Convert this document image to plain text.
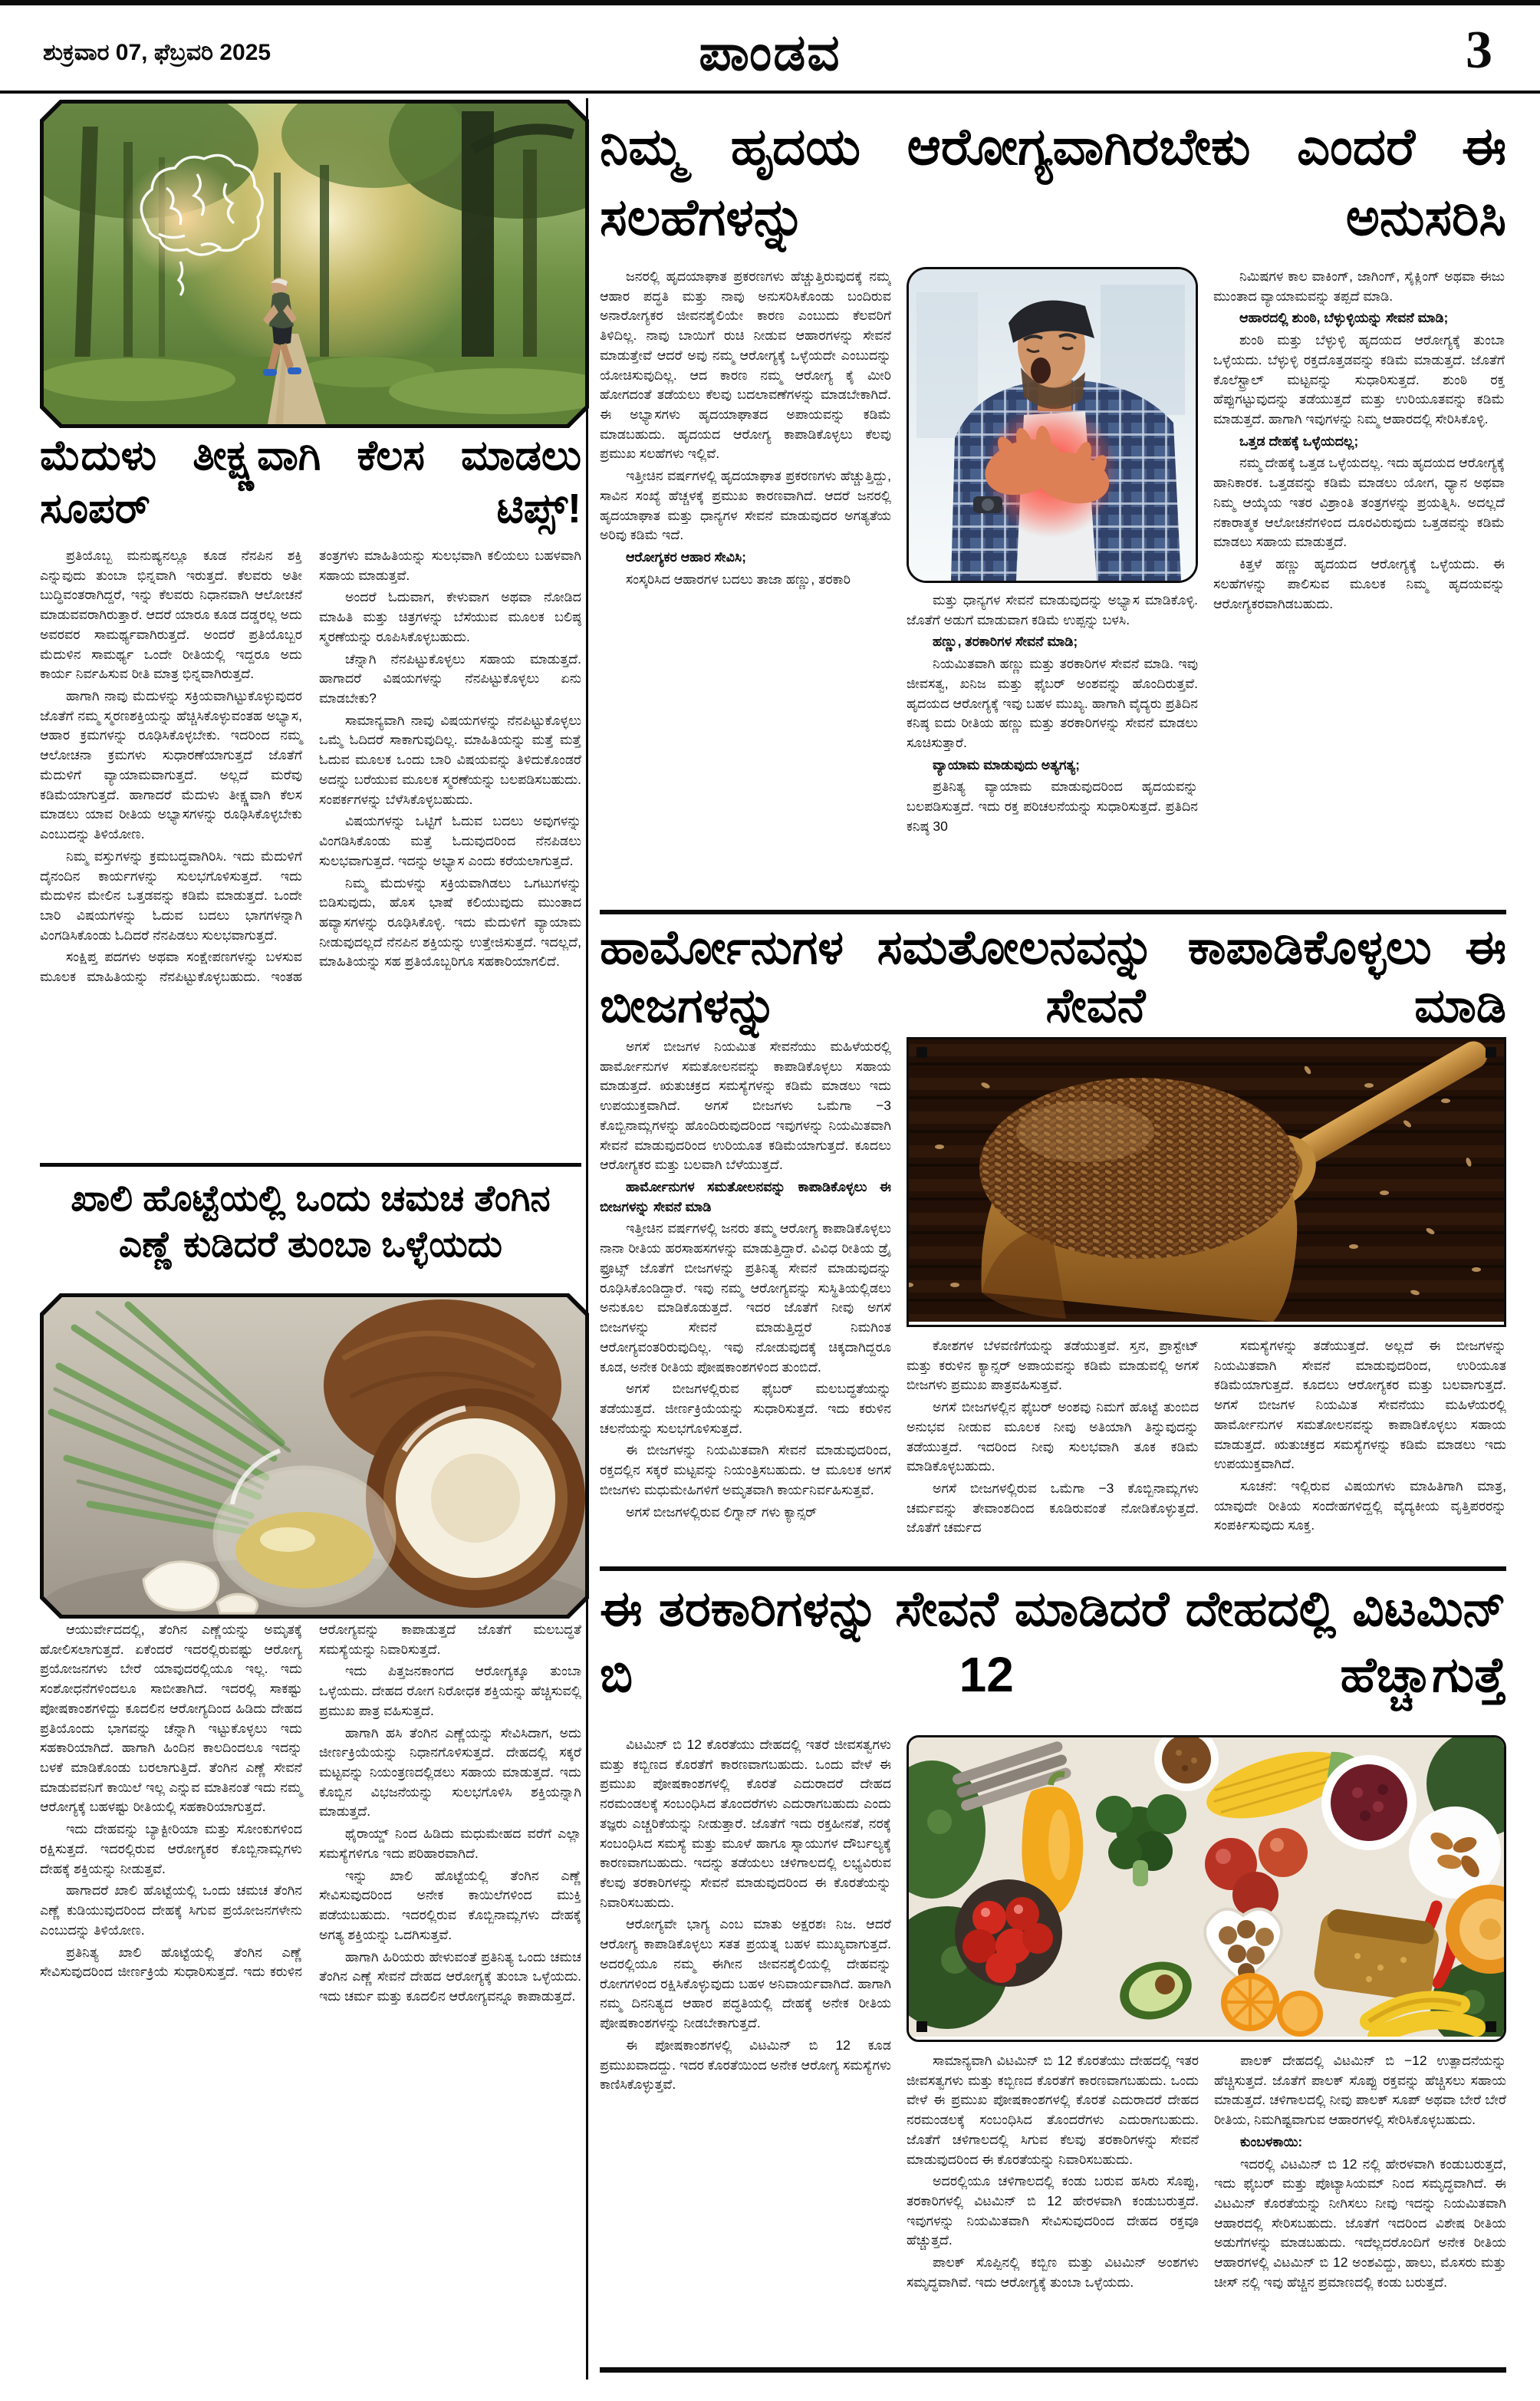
ಶುಕ್ರವಾರ 07, ಫೆಬ್ರವರಿ 2025	ಪಾಂಡವ	3
ಮೆದುಳು ತೀಕ್ಷ್ಣವಾಗಿ ಕೆಲಸ ಮಾಡಲು ಸೂಪರ್ ಟಿಪ್ಸ್!

ಪ್ರತಿಯೊಬ್ಬ ಮನುಷ್ಯನಲ್ಲೂ ಕೂಡ ನೆನಪಿನ ಶಕ್ತಿ ಎನ್ನುವುದು ತುಂಬಾ ಭಿನ್ನವಾಗಿ ಇರುತ್ತದೆ. ಕೆಲವರು ಅತೀ ಬುದ್ಧಿವಂತರಾಗಿದ್ದರೆ, ಇನ್ನು ಕೆಲವರು ನಿಧಾನವಾಗಿ ಆಲೋಚನೆ ಮಾಡುವವರಾಗಿರುತ್ತಾರೆ. ಆದರೆ ಯಾರೂ ಕೂಡ ದಡ್ಡರಲ್ಲ ಅದು ಅವರವರ ಸಾಮರ್ಥ್ಯವಾಗಿರುತ್ತದೆ. ಅಂದರೆ ಪ್ರತಿಯೊಬ್ಬರ ಮೆದುಳಿನ ಸಾಮರ್ಥ್ಯ ಒಂದೇ ರೀತಿಯಲ್ಲಿ ಇದ್ದರೂ ಅದು ಕಾರ್ಯ ನಿರ್ವಹಿಸುವ ರೀತಿ ಮಾತ್ರ ಭಿನ್ನವಾಗಿರುತ್ತದೆ.

ಹಾಗಾಗಿ ನಾವು ಮೆದುಳನ್ನು ಸಕ್ರಿಯವಾಗಿಟ್ಟುಕೊಳ್ಳುವುದರ ಜೊತೆಗೆ ನಮ್ಮ ಸ್ಮರಣಶಕ್ತಿಯನ್ನು ಹೆಚ್ಚಿಸಿಕೊಳ್ಳುವಂತಹ ಅಭ್ಯಾಸ, ಆಹಾರ ಕ್ರಮಗಳನ್ನು ರೂಢಿಸಿಕೊಳ್ಳಬೇಕು. ಇದರಿಂದ ನಮ್ಮ ಆಲೋಚನಾ ಕ್ರಮಗಳು ಸುಧಾರಣೆಯಾಗುತ್ತದೆ ಜೊತೆಗೆ ಮೆದುಳಿಗೆ ವ್ಯಾಯಾಮವಾಗುತ್ತದೆ. ಅಲ್ಲದೆ ಮರೆವು ಕಡಿಮೆಯಾಗುತ್ತದೆ. ಹಾಗಾದರೆ ಮೆದುಳು ತೀಕ್ಷ್ಣವಾಗಿ ಕೆಲಸ ಮಾಡಲು ಯಾವ ರೀತಿಯ ಅಭ್ಯಾಸಗಳನ್ನು ರೂಢಿಸಿಕೊಳ್ಳಬೇಕು ಎಂಬುದನ್ನು ತಿಳಿಯೋಣ.

ನಿಮ್ಮ ವಸ್ತುಗಳನ್ನು ಕ್ರಮಬದ್ಧವಾಗಿರಿಸಿ. ಇದು ಮೆದುಳಿಗೆ ದೈನಂದಿನ ಕಾರ್ಯಗಳನ್ನು ಸುಲಭಗೊಳಿಸುತ್ತದೆ. ಇದು ಮೆದುಳಿನ ಮೇಲಿನ ಒತ್ತಡವನ್ನು ಕಡಿಮೆ ಮಾಡುತ್ತದೆ. ಒಂದೇ ಬಾರಿ ವಿಷಯಗಳನ್ನು ಓದುವ ಬದಲು ಭಾಗಗಳನ್ನಾಗಿ ವಿಂಗಡಿಸಿಕೊಂಡು ಓದಿದರೆ ನೆನಪಿಡಲು ಸುಲಭವಾಗುತ್ತದೆ.

ಸಂಕ್ಷಿಪ್ತ ಪದಗಳು ಅಥವಾ ಸಂಕ್ಷೇಪಣಗಳನ್ನು ಬಳಸುವ ಮೂಲಕ ಮಾಹಿತಿಯನ್ನು ನೆನಪಿಟ್ಟುಕೊಳ್ಳಬಹುದು. ಇಂತಹ ತಂತ್ರಗಳು ಮಾಹಿತಿಯನ್ನು ಸುಲಭವಾಗಿ ಕಲಿಯಲು ಬಹಳವಾಗಿ ಸಹಾಯ ಮಾಡುತ್ತವೆ.

ಅಂದರೆ ಓದುವಾಗ, ಕೇಳುವಾಗ ಅಥವಾ ನೋಡಿದ ಮಾಹಿತಿ ಮತ್ತು ಚಿತ್ರಗಳನ್ನು ಬೆಸೆಯುವ ಮೂಲಕ ಬಲಿಷ್ಠ ಸ್ಮರಣೆಯನ್ನು ರೂಪಿಸಿಕೊಳ್ಳಬಹುದು.

ಚೆನ್ನಾಗಿ ನೆನಪಿಟ್ಟುಕೊಳ್ಳಲು ಸಹಾಯ ಮಾಡುತ್ತದೆ. ಹಾಗಾದರೆ ವಿಷಯಗಳನ್ನು ನೆನಪಿಟ್ಟುಕೊಳ್ಳಲು ಏನು ಮಾಡಬೇಕು?

ಸಾಮಾನ್ಯವಾಗಿ ನಾವು ವಿಷಯಗಳನ್ನು ನೆನಪಿಟ್ಟುಕೊಳ್ಳಲು ಒಮ್ಮೆ ಓದಿದರೆ ಸಾಕಾಗುವುದಿಲ್ಲ. ಮಾಹಿತಿಯನ್ನು ಮತ್ತೆ ಮತ್ತೆ ಓದುವ ಮೂಲಕ ಒಂದು ಬಾರಿ ವಿಷಯವನ್ನು ತಿಳಿದುಕೊಂಡರೆ ಅದನ್ನು ಬರೆಯುವ ಮೂಲಕ ಸ್ಮರಣೆಯನ್ನು ಬಲಪಡಿಸಬಹುದು. ಸಂಪರ್ಕಗಳನ್ನು ಬೆಳೆಸಿಕೊಳ್ಳಬಹುದು.

ವಿಷಯಗಳನ್ನು ಒಟ್ಟಿಗೆ ಓದುವ ಬದಲು ಅವುಗಳನ್ನು ವಿಂಗಡಿಸಿಕೊಂಡು ಮತ್ತೆ ಓದುವುದರಿಂದ ನೆನಪಿಡಲು ಸುಲಭವಾಗುತ್ತದೆ. ಇದನ್ನು ಅಭ್ಯಾಸ ಎಂದು ಕರೆಯಲಾಗುತ್ತದೆ.

ನಿಮ್ಮ ಮೆದುಳನ್ನು ಸಕ್ರಿಯವಾಗಿಡಲು ಒಗಟುಗಳನ್ನು ಬಿಡಿಸುವುದು, ಹೊಸ ಭಾಷೆ ಕಲಿಯುವುದು ಮುಂತಾದ ಹವ್ಯಾಸಗಳನ್ನು ರೂಢಿಸಿಕೊಳ್ಳಿ. ಇದು ಮೆದುಳಿಗೆ ವ್ಯಾಯಾಮ ನೀಡುವುದಲ್ಲದೆ ನೆನಪಿನ ಶಕ್ತಿಯನ್ನು ಉತ್ತೇಜಿಸುತ್ತದೆ. ಇದಲ್ಲದೆ, ಮಾಹಿತಿಯನ್ನು ಸಹ ಪ್ರತಿಯೊಬ್ಬರಿಗೂ ಸಹಕಾರಿಯಾಗಲಿದೆ.

ಖಾಲಿ ಹೊಟ್ಟೆಯಲ್ಲಿ ಒಂದು ಚಮಚ ತೆಂಗಿನ ಎಣ್ಣೆ ಕುಡಿದರೆ ತುಂಬಾ ಒಳ್ಳೆಯದು

ಆಯುರ್ವೇದದಲ್ಲಿ, ತೆಂಗಿನ ಎಣ್ಣೆಯನ್ನು ಅಮೃತಕ್ಕೆ ಹೋಲಿಸಲಾಗುತ್ತದೆ. ಏಕೆಂದರೆ ಇದರಲ್ಲಿರುವಷ್ಟು ಆರೋಗ್ಯ ಪ್ರಯೋಜನಗಳು ಬೇರೆ ಯಾವುದರಲ್ಲಿಯೂ ಇಲ್ಲ. ಇದು ಸಂಶೋಧನೆಗಳಿಂದಲೂ ಸಾಬೀತಾಗಿದೆ. ಇದರಲ್ಲಿ ಸಾಕಷ್ಟು ಪೋಷಕಾಂಶಗಳಿದ್ದು ಕೂದಲಿನ ಆರೋಗ್ಯದಿಂದ ಹಿಡಿದು ದೇಹದ ಪ್ರತಿಯೊಂದು ಭಾಗವನ್ನು ಚೆನ್ನಾಗಿ ಇಟ್ಟುಕೊಳ್ಳಲು ಇದು ಸಹಕಾರಿಯಾಗಿದೆ. ಹಾಗಾಗಿ ಹಿಂದಿನ ಕಾಲದಿಂದಲೂ ಇದನ್ನು ಬಳಕೆ ಮಾಡಿಕೊಂಡು ಬರಲಾಗುತ್ತಿದೆ. ತೆಂಗಿನ ಎಣ್ಣೆ ಸೇವನೆ ಮಾಡುವವನಿಗೆ ಕಾಯಿಲೆ ಇಲ್ಲ ಎನ್ನುವ ಮಾತಿನಂತೆ ಇದು ನಮ್ಮ ಆರೋಗ್ಯಕ್ಕೆ ಬಹಳಷ್ಟು ರೀತಿಯಲ್ಲಿ ಸಹಕಾರಿಯಾಗುತ್ತದೆ.

ಇದು ದೇಹವನ್ನು ಬ್ಯಾಕ್ಟೀರಿಯಾ ಮತ್ತು ಸೋಂಕುಗಳಿಂದ ರಕ್ಷಿಸುತ್ತದೆ. ಇದರಲ್ಲಿರುವ ಆರೋಗ್ಯಕರ ಕೊಬ್ಬಿನಾಮ್ಲಗಳು ದೇಹಕ್ಕೆ ಶಕ್ತಿಯನ್ನು ನೀಡುತ್ತವೆ.

ಹಾಗಾದರೆ ಖಾಲಿ ಹೊಟ್ಟೆಯಲ್ಲಿ ಒಂದು ಚಮಚ ತೆಂಗಿನ ಎಣ್ಣೆ ಕುಡಿಯುವುದರಿಂದ ದೇಹಕ್ಕೆ ಸಿಗುವ ಪ್ರಯೋಜನಗಳೇನು ಎಂಬುದನ್ನು ತಿಳಿಯೋಣ.

ಪ್ರತಿನಿತ್ಯ ಖಾಲಿ ಹೊಟ್ಟೆಯಲ್ಲಿ ತೆಂಗಿನ ಎಣ್ಣೆ ಸೇವಿಸುವುದರಿಂದ ಜೀರ್ಣಕ್ರಿಯೆ ಸುಧಾರಿಸುತ್ತದೆ. ಇದು ಕರುಳಿನ ಆರೋಗ್ಯವನ್ನು ಕಾಪಾಡುತ್ತದೆ ಜೊತೆಗೆ ಮಲಬದ್ಧತೆ ಸಮಸ್ಯೆಯನ್ನು ನಿವಾರಿಸುತ್ತದೆ.

ಇದು ಪಿತ್ತಜನಕಾಂಗದ ಆರೋಗ್ಯಕ್ಕೂ ತುಂಬಾ ಒಳ್ಳೆಯದು. ದೇಹದ ರೋಗ ನಿರೋಧಕ ಶಕ್ತಿಯನ್ನು ಹೆಚ್ಚಿಸುವಲ್ಲಿ ಪ್ರಮುಖ ಪಾತ್ರ ವಹಿಸುತ್ತದೆ.

ಹಾಗಾಗಿ ಹಸಿ ತೆಂಗಿನ ಎಣ್ಣೆಯನ್ನು ಸೇವಿಸಿದಾಗ, ಅದು ಜೀರ್ಣಕ್ರಿಯೆಯನ್ನು ನಿಧಾನಗೊಳಿಸುತ್ತದೆ. ದೇಹದಲ್ಲಿ ಸಕ್ಕರೆ ಮಟ್ಟವನ್ನು ನಿಯಂತ್ರಣದಲ್ಲಿಡಲು ಸಹಾಯ ಮಾಡುತ್ತದೆ. ಇದು ಕೊಬ್ಬಿನ ವಿಭಜನೆಯನ್ನು ಸುಲಭಗೊಳಿಸಿ ಶಕ್ತಿಯನ್ನಾಗಿ ಮಾಡುತ್ತದೆ.

ಥೈರಾಯ್ಡ್ ನಿಂದ ಹಿಡಿದು ಮಧುಮೇಹದ ವರೆಗೆ ಎಲ್ಲಾ ಸಮಸ್ಯೆಗಳಿಗೂ ಇದು ಪರಿಹಾರವಾಗಿದೆ.

ಇನ್ನು ಖಾಲಿ ಹೊಟ್ಟೆಯಲ್ಲಿ ತೆಂಗಿನ ಎಣ್ಣೆ ಸೇವಿಸುವುದರಿಂದ ಅನೇಕ ಕಾಯಿಲೆಗಳಿಂದ ಮುಕ್ತಿ ಪಡೆಯಬಹುದು. ಇದರಲ್ಲಿರುವ ಕೊಬ್ಬಿನಾಮ್ಲಗಳು ದೇಹಕ್ಕೆ ಅಗತ್ಯ ಶಕ್ತಿಯನ್ನು ಒದಗಿಸುತ್ತವೆ.

ಹಾಗಾಗಿ ಹಿರಿಯರು ಹೇಳುವಂತೆ ಪ್ರತಿನಿತ್ಯ ಒಂದು ಚಮಚ ತೆಂಗಿನ ಎಣ್ಣೆ ಸೇವನೆ ದೇಹದ ಆರೋಗ್ಯಕ್ಕೆ ತುಂಬಾ ಒಳ್ಳೆಯದು. ಇದು ಚರ್ಮ ಮತ್ತು ಕೂದಲಿನ ಆರೋಗ್ಯವನ್ನೂ ಕಾಪಾಡುತ್ತದೆ.

ನಿಮ್ಮ ಹೃದಯ ಆರೋಗ್ಯವಾಗಿರಬೇಕು ಎಂದರೆ ಈ ಸಲಹೆಗಳನ್ನು ಅನುಸರಿಸಿ

ಜನರಲ್ಲಿ ಹೃದಯಾಘಾತ ಪ್ರಕರಣಗಳು ಹೆಚ್ಚುತ್ತಿರುವುದಕ್ಕೆ ನಮ್ಮ ಆಹಾರ ಪದ್ಧತಿ ಮತ್ತು ನಾವು ಅನುಸರಿಸಿಕೊಂಡು ಬಂದಿರುವ ಅನಾರೋಗ್ಯಕರ ಜೀವನಶೈಲಿಯೇ ಕಾರಣ ಎಂಬುದು ಕೆಲವರಿಗೆ ತಿಳಿದಿಲ್ಲ. ನಾವು ಬಾಯಿಗೆ ರುಚಿ ನೀಡುವ ಆಹಾರಗಳನ್ನು ಸೇವನೆ ಮಾಡುತ್ತೇವೆ ಆದರೆ ಅವು ನಮ್ಮ ಆರೋಗ್ಯಕ್ಕೆ ಒಳ್ಳೆಯದೇ ಎಂಬುದನ್ನು ಯೋಚಿಸುವುದಿಲ್ಲ. ಆದ ಕಾರಣ ನಮ್ಮ ಆರೋಗ್ಯ ಕೈ ಮೀರಿ ಹೋಗದಂತೆ ತಡೆಯಲು ಕೆಲವು ಬದಲಾವಣೆಗಳನ್ನು ಮಾಡಬೇಕಾಗಿದೆ. ಈ ಅಭ್ಯಾಸಗಳು ಹೃದಯಾಘಾತದ ಅಪಾಯವನ್ನು ಕಡಿಮೆ ಮಾಡಬಹುದು. ಹೃದಯದ ಆರೋಗ್ಯ ಕಾಪಾಡಿಕೊಳ್ಳಲು ಕೆಲವು ಪ್ರಮುಖ ಸಲಹೆಗಳು ಇಲ್ಲಿವೆ.

ಇತ್ತೀಚಿನ ವರ್ಷಗಳಲ್ಲಿ ಹೃದಯಾಘಾತ ಪ್ರಕರಣಗಳು ಹೆಚ್ಚುತ್ತಿದ್ದು, ಸಾವಿನ ಸಂಖ್ಯೆ ಹೆಚ್ಚಳಕ್ಕೆ ಪ್ರಮುಖ ಕಾರಣವಾಗಿದೆ. ಆದರೆ ಜನರಲ್ಲಿ ಹೃದಯಾಘಾತ ಮತ್ತು ಧಾನ್ಯಗಳ ಸೇವನೆ ಮಾಡುವುದರ ಅಗತ್ಯತೆಯ ಅರಿವು ಕಡಿಮೆ ಇದೆ.

ಆರೋಗ್ಯಕರ ಆಹಾರ ಸೇವಿಸಿ;

ಸಂಸ್ಕರಿಸಿದ ಆಹಾರಗಳ ಬದಲು ತಾಜಾ ಹಣ್ಣು, ತರಕಾರಿ

ಮತ್ತು ಧಾನ್ಯಗಳ ಸೇವನೆ ಮಾಡುವುದನ್ನು ಅಭ್ಯಾಸ ಮಾಡಿಕೊಳ್ಳಿ. ಜೊತೆಗೆ ಅಡುಗೆ ಮಾಡುವಾಗ ಕಡಿಮೆ ಉಪ್ಪನ್ನು ಬಳಸಿ.

ಹಣ್ಣು, ತರಕಾರಿಗಳ ಸೇವನೆ ಮಾಡಿ;

ನಿಯಮಿತವಾಗಿ ಹಣ್ಣು ಮತ್ತು ತರಕಾರಿಗಳ ಸೇವನೆ ಮಾಡಿ. ಇವು ಜೀವಸತ್ವ, ಖನಿಜ ಮತ್ತು ಫೈಬರ್ ಅಂಶವನ್ನು ಹೊಂದಿರುತ್ತವೆ. ಹೃದಯದ ಆರೋಗ್ಯಕ್ಕೆ ಇವು ಬಹಳ ಮುಖ್ಯ. ಹಾಗಾಗಿ ವೈದ್ಯರು ಪ್ರತಿದಿನ ಕನಿಷ್ಠ ಐದು ರೀತಿಯ ಹಣ್ಣು ಮತ್ತು ತರಕಾರಿಗಳನ್ನು ಸೇವನೆ ಮಾಡಲು ಸೂಚಿಸುತ್ತಾರೆ.

ವ್ಯಾಯಾಮ ಮಾಡುವುದು ಅತ್ಯಗತ್ಯ;

ಪ್ರತಿನಿತ್ಯ ವ್ಯಾಯಾಮ ಮಾಡುವುದರಿಂದ ಹೃದಯವನ್ನು ಬಲಪಡಿಸುತ್ತದೆ. ಇದು ರಕ್ತ ಪರಿಚಲನೆಯನ್ನು ಸುಧಾರಿಸುತ್ತದೆ. ಪ್ರತಿದಿನ ಕನಿಷ್ಠ 30

ನಿಮಿಷಗಳ ಕಾಲ ವಾಕಿಂಗ್, ಜಾಗಿಂಗ್, ಸೈಕ್ಲಿಂಗ್ ಅಥವಾ ಈಜು ಮುಂತಾದ ವ್ಯಾಯಾಮವನ್ನು ತಪ್ಪದೆ ಮಾಡಿ.

ಆಹಾರದಲ್ಲಿ ಶುಂಠಿ, ಬೆಳ್ಳುಳ್ಳಿಯನ್ನು ಸೇವನೆ ಮಾಡಿ;

ಶುಂಠಿ ಮತ್ತು ಬೆಳ್ಳುಳ್ಳಿ ಹೃದಯದ ಆರೋಗ್ಯಕ್ಕೆ ತುಂಬಾ ಒಳ್ಳೆಯದು. ಬೆಳ್ಳುಳ್ಳಿ ರಕ್ತದೊತ್ತಡವನ್ನು ಕಡಿಮೆ ಮಾಡುತ್ತದೆ. ಜೊತೆಗೆ ಕೊಲೆಸ್ಟ್ರಾಲ್ ಮಟ್ಟವನ್ನು ಸುಧಾರಿಸುತ್ತದೆ. ಶುಂಠಿ ರಕ್ತ ಹೆಪ್ಪುಗಟ್ಟುವುದನ್ನು ತಡೆಯುತ್ತದೆ ಮತ್ತು ಉರಿಯೂತವನ್ನು ಕಡಿಮೆ ಮಾಡುತ್ತದೆ. ಹಾಗಾಗಿ ಇವುಗಳನ್ನು ನಿಮ್ಮ ಆಹಾರದಲ್ಲಿ ಸೇರಿಸಿಕೊಳ್ಳಿ.

ಒತ್ತಡ ದೇಹಕ್ಕೆ ಒಳ್ಳೆಯದಲ್ಲ;

ನಮ್ಮ ದೇಹಕ್ಕೆ ಒತ್ತಡ ಒಳ್ಳೆಯದಲ್ಲ. ಇದು ಹೃದಯದ ಆರೋಗ್ಯಕ್ಕೆ ಹಾನಿಕಾರಕ. ಒತ್ತಡವನ್ನು ಕಡಿಮೆ ಮಾಡಲು ಯೋಗ, ಧ್ಯಾನ ಅಥವಾ ನಿಮ್ಮ ಆಯ್ಕೆಯ ಇತರ ವಿಶ್ರಾಂತಿ ತಂತ್ರಗಳನ್ನು ಪ್ರಯತ್ನಿಸಿ. ಅದಲ್ಲದೆ ನಕಾರಾತ್ಮಕ ಆಲೋಚನೆಗಳಿಂದ ದೂರವಿರುವುದು ಒತ್ತಡವನ್ನು ಕಡಿಮೆ ಮಾಡಲು ಸಹಾಯ ಮಾಡುತ್ತದೆ.

ಕಿತ್ತಳೆ ಹಣ್ಣು ಹೃದಯದ ಆರೋಗ್ಯಕ್ಕೆ ಒಳ್ಳೆಯದು. ಈ ಸಲಹೆಗಳನ್ನು ಪಾಲಿಸುವ ಮೂಲಕ ನಿಮ್ಮ ಹೃದಯವನ್ನು ಆರೋಗ್ಯಕರವಾಗಿಡಬಹುದು.

ಹಾರ್ಮೋನುಗಳ ಸಮತೋಲನವನ್ನು ಕಾಪಾಡಿಕೊಳ್ಳಲು ಈ ಬೀಜಗಳನ್ನು ಸೇವನೆ ಮಾಡಿ

ಅಗಸೆ ಬೀಜಗಳ ನಿಯಮಿತ ಸೇವನೆಯು ಮಹಿಳೆಯರಲ್ಲಿ ಹಾರ್ಮೋನುಗಳ ಸಮತೋಲನವನ್ನು ಕಾಪಾಡಿಕೊಳ್ಳಲು ಸಹಾಯ ಮಾಡುತ್ತದೆ. ಋತುಚಕ್ರದ ಸಮಸ್ಯೆಗಳನ್ನು ಕಡಿಮೆ ಮಾಡಲು ಇದು ಉಪಯುಕ್ತವಾಗಿದೆ. ಅಗಸೆ ಬೀಜಗಳು ಒಮೆಗಾ −3 ಕೊಬ್ಬಿನಾಮ್ಲಗಳನ್ನು ಹೊಂದಿರುವುದರಿಂದ ಇವುಗಳನ್ನು ನಿಯಮಿತವಾಗಿ ಸೇವನೆ ಮಾಡುವುದರಿಂದ ಉರಿಯೂತ ಕಡಿಮೆಯಾಗುತ್ತದೆ. ಕೂದಲು ಆರೋಗ್ಯಕರ ಮತ್ತು ಬಲವಾಗಿ ಬೆಳೆಯುತ್ತದೆ.

ಹಾರ್ಮೋನುಗಳ ಸಮತೋಲನವನ್ನು ಕಾಪಾಡಿಕೊಳ್ಳಲು ಈ ಬೀಜಗಳನ್ನು ಸೇವನೆ ಮಾಡಿ

ಇತ್ತೀಚಿನ ವರ್ಷಗಳಲ್ಲಿ ಜನರು ತಮ್ಮ ಆರೋಗ್ಯ ಕಾಪಾಡಿಕೊಳ್ಳಲು ನಾನಾ ರೀತಿಯ ಹರಸಾಹಸಗಳನ್ನು ಮಾಡುತ್ತಿದ್ದಾರೆ. ವಿವಿಧ ರೀತಿಯ ಡ್ರೈ ಫ್ರೂಟ್ಸ್ ಜೊತೆಗೆ ಬೀಜಗಳನ್ನು ಪ್ರತಿನಿತ್ಯ ಸೇವನೆ ಮಾಡುವುದನ್ನು ರೂಢಿಸಿಕೊಂಡಿದ್ದಾರೆ. ಇವು ನಮ್ಮ ಆರೋಗ್ಯವನ್ನು ಸುಸ್ಥಿತಿಯಲ್ಲಿಡಲು ಅನುಕೂಲ ಮಾಡಿಕೊಡುತ್ತದೆ. ಇದರ ಜೊತೆಗೆ ನೀವು ಅಗಸೆ ಬೀಜಗಳನ್ನು ಸೇವನೆ ಮಾಡುತ್ತಿದ್ದರೆ ನಿಮಗಿಂತ ಆರೋಗ್ಯವಂತರಿರುವುದಿಲ್ಲ. ಇವು ನೋಡುವುದಕ್ಕೆ ಚಿಕ್ಕದಾಗಿದ್ದರೂ ಕೂಡ, ಅನೇಕ ರೀತಿಯ ಪೋಷಕಾಂಶಗಳಿಂದ ತುಂಬಿದೆ.

ಅಗಸೆ ಬೀಜಗಳಲ್ಲಿರುವ ಫೈಬರ್ ಮಲಬದ್ಧತೆಯನ್ನು ತಡೆಯುತ್ತದೆ. ಜೀರ್ಣಕ್ರಿಯೆಯನ್ನು ಸುಧಾರಿಸುತ್ತದೆ. ಇದು ಕರುಳಿನ ಚಲನೆಯನ್ನು ಸುಲಭಗೊಳಿಸುತ್ತದೆ.

ಈ ಬೀಜಗಳನ್ನು ನಿಯಮಿತವಾಗಿ ಸೇವನೆ ಮಾಡುವುದರಿಂದ, ರಕ್ತದಲ್ಲಿನ ಸಕ್ಕರೆ ಮಟ್ಟವನ್ನು ನಿಯಂತ್ರಿಸಬಹುದು. ಆ ಮೂಲಕ ಅಗಸೆ ಬೀಜಗಳು ಮಧುಮೇಹಿಗಳಿಗೆ ಅಮೃತವಾಗಿ ಕಾರ್ಯನಿರ್ವಹಿಸುತ್ತವೆ.

ಅಗಸೆ ಬೀಜಗಳಲ್ಲಿರುವ ಲಿಗ್ನಾನ್ ಗಳು ಕ್ಯಾನ್ಸರ್

ಕೋಶಗಳ ಬೆಳವಣಿಗೆಯನ್ನು ತಡೆಯುತ್ತವೆ. ಸ್ತನ, ಪ್ರಾಸ್ಟೇಟ್ ಮತ್ತು ಕರುಳಿನ ಕ್ಯಾನ್ಸರ್ ಅಪಾಯವನ್ನು ಕಡಿಮೆ ಮಾಡುವಲ್ಲಿ ಅಗಸೆ ಬೀಜಗಳು ಪ್ರಮುಖ ಪಾತ್ರವಹಿಸುತ್ತವೆ.

ಅಗಸೆ ಬೀಜಗಳಲ್ಲಿನ ಫೈಬರ್ ಅಂಶವು ನಿಮಗೆ ಹೊಟ್ಟೆ ತುಂಬಿದ ಅನುಭವ ನೀಡುವ ಮೂಲಕ ನೀವು ಅತಿಯಾಗಿ ತಿನ್ನುವುದನ್ನು ತಡೆಯುತ್ತದೆ. ಇದರಿಂದ ನೀವು ಸುಲಭವಾಗಿ ತೂಕ ಕಡಿಮೆ ಮಾಡಿಕೊಳ್ಳಬಹುದು.

ಅಗಸೆ ಬೀಜಗಳಲ್ಲಿರುವ ಒಮೆಗಾ −3 ಕೊಬ್ಬಿನಾಮ್ಲಗಳು ಚರ್ಮವನ್ನು ತೇವಾಂಶದಿಂದ ಕೂಡಿರುವಂತೆ ನೋಡಿಕೊಳ್ಳುತ್ತದೆ. ಜೊತೆಗೆ ಚರ್ಮದ

ಸಮಸ್ಯೆಗಳನ್ನು ತಡೆಯುತ್ತದೆ. ಅಲ್ಲದೆ ಈ ಬೀಜಗಳನ್ನು ನಿಯಮಿತವಾಗಿ ಸೇವನೆ ಮಾಡುವುದರಿಂದ, ಉರಿಯೂತ ಕಡಿಮೆಯಾಗುತ್ತದೆ. ಕೂದಲು ಆರೋಗ್ಯಕರ ಮತ್ತು ಬಲವಾಗುತ್ತದೆ. ಅಗಸೆ ಬೀಜಗಳ ನಿಯಮಿತ ಸೇವನೆಯು ಮಹಿಳೆಯರಲ್ಲಿ ಹಾರ್ಮೋನುಗಳ ಸಮತೋಲನವನ್ನು ಕಾಪಾಡಿಕೊಳ್ಳಲು ಸಹಾಯ ಮಾಡುತ್ತದೆ. ಋತುಚಕ್ರದ ಸಮಸ್ಯೆಗಳನ್ನು ಕಡಿಮೆ ಮಾಡಲು ಇದು ಉಪಯುಕ್ತವಾಗಿದೆ.

ಸೂಚನೆ: ಇಲ್ಲಿರುವ ವಿಷಯಗಳು ಮಾಹಿತಿಗಾಗಿ ಮಾತ್ರ, ಯಾವುದೇ ರೀತಿಯ ಸಂದೇಹಗಳಿದ್ದಲ್ಲಿ ವೈದ್ಯಕೀಯ ವೃತ್ತಿಪರರನ್ನು ಸಂಪರ್ಕಿಸುವುದು ಸೂಕ್ತ.

ಈ ತರಕಾರಿಗಳನ್ನು ಸೇವನೆ ಮಾಡಿದರೆ ದೇಹದಲ್ಲಿ ವಿಟಮಿನ್ ಬಿ 12 ಹೆಚ್ಚಾಗುತ್ತೆ

ವಿಟಮಿನ್ ಬಿ 12 ಕೊರತೆಯು ದೇಹದಲ್ಲಿ ಇತರೆ ಜೀವಸತ್ವಗಳು ಮತ್ತು ಕಬ್ಬಿಣದ ಕೊರತೆಗೆ ಕಾರಣವಾಗಬಹುದು. ಒಂದು ವೇಳೆ ಈ ಪ್ರಮುಖ ಪೋಷಕಾಂಶಗಳಲ್ಲಿ ಕೊರತೆ ಎದುರಾದರೆ ದೇಹದ ನರಮಂಡಲಕ್ಕೆ ಸಂಬಂಧಿಸಿದ ತೊಂದರೆಗಳು ಎದುರಾಗಬಹುದು ಎಂದು ತಜ್ಞರು ಎಚ್ಚರಿಕೆಯನ್ನು ನೀಡುತ್ತಾರೆ. ಜೊತೆಗೆ ಇದು ರಕ್ತಹೀನತೆ, ನರಕ್ಕೆ ಸಂಬಂಧಿಸಿದ ಸಮಸ್ಯೆ ಮತ್ತು ಮೂಳೆ ಹಾಗೂ ಸ್ನಾಯುಗಳ ದೌರ್ಬಲ್ಯಕ್ಕೆ ಕಾರಣವಾಗಬಹುದು. ಇದನ್ನು ತಡೆಯಲು ಚಳಿಗಾಲದಲ್ಲಿ ಲಭ್ಯವಿರುವ ಕೆಲವು ತರಕಾರಿಗಳನ್ನು ಸೇವನೆ ಮಾಡುವುದರಿಂದ ಈ ಕೊರತೆಯನ್ನು ನಿವಾರಿಸಬಹುದು.

ಆರೋಗ್ಯವೇ ಭಾಗ್ಯ ಎಂಬ ಮಾತು ಅಕ್ಷರಶಃ ನಿಜ. ಆದರೆ ಆರೋಗ್ಯ ಕಾಪಾಡಿಕೊಳ್ಳಲು ಸತತ ಪ್ರಯತ್ನ ಬಹಳ ಮುಖ್ಯವಾಗುತ್ತದೆ. ಅದರಲ್ಲಿಯೂ ನಮ್ಮ ಈಗೀನ ಜೀವನಶೈಲಿಯಲ್ಲಿ ದೇಹವನ್ನು ರೋಗಗಳಿಂದ ರಕ್ಷಿಸಿಕೊಳ್ಳುವುದು ಬಹಳ ಅನಿವಾರ್ಯವಾಗಿದೆ. ಹಾಗಾಗಿ ನಮ್ಮ ದಿನನಿತ್ಯದ ಆಹಾರ ಪದ್ಧತಿಯಲ್ಲಿ ದೇಹಕ್ಕೆ ಅನೇಕ ರೀತಿಯ ಪೋಷಕಾಂಶಗಳನ್ನು ನೀಡಬೇಕಾಗುತ್ತದೆ.

ಈ ಪೋಷಕಾಂಶಗಳಲ್ಲಿ ವಿಟಮಿನ್ ಬಿ 12 ಕೂಡ ಪ್ರಮುಖವಾದದ್ದು. ಇದರ ಕೊರತೆಯಿಂದ ಅನೇಕ ಆರೋಗ್ಯ ಸಮಸ್ಯೆಗಳು ಕಾಣಿಸಿಕೊಳ್ಳುತ್ತವೆ.

ಸಾಮಾನ್ಯವಾಗಿ ವಿಟಮಿನ್ ಬಿ 12 ಕೊರತೆಯು ದೇಹದಲ್ಲಿ ಇತರ ಜೀವಸತ್ವಗಳು ಮತ್ತು ಕಬ್ಬಿಣದ ಕೊರತೆಗೆ ಕಾರಣವಾಗಬಹುದು. ಒಂದು ವೇಳೆ ಈ ಪ್ರಮುಖ ಪೋಷಕಾಂಶಗಳಲ್ಲಿ ಕೊರತೆ ಎದುರಾದರೆ ದೇಹದ ನರಮಂಡಲಕ್ಕೆ ಸಂಬಂಧಿಸಿದ ತೊಂದರೆಗಳು ಎದುರಾಗಬಹುದು. ಜೊತೆಗೆ ಚಳಿಗಾಲದಲ್ಲಿ ಸಿಗುವ ಕೆಲವು ತರಕಾರಿಗಳನ್ನು ಸೇವನೆ ಮಾಡುವುದರಿಂದ ಈ ಕೊರತೆಯನ್ನು ನಿವಾರಿಸಬಹುದು.

ಅದರಲ್ಲಿಯೂ ಚಳಿಗಾಲದಲ್ಲಿ ಕಂಡು ಬರುವ ಹಸಿರು ಸೊಪ್ಪು, ತರಕಾರಿಗಳಲ್ಲಿ ವಿಟಮಿನ್ ಬಿ 12 ಹೇರಳವಾಗಿ ಕಂಡುಬರುತ್ತದೆ. ಇವುಗಳನ್ನು ನಿಯಮಿತವಾಗಿ ಸೇವಿಸುವುದರಿಂದ ದೇಹದ ರಕ್ತವೂ ಹೆಚ್ಚುತ್ತದೆ.

ಪಾಲಕ್ ಸೊಪ್ಪಿನಲ್ಲಿ ಕಬ್ಬಿಣ ಮತ್ತು ವಿಟಮಿನ್ ಅಂಶಗಳು ಸಮೃದ್ಧವಾಗಿವೆ. ಇದು ಆರೋಗ್ಯಕ್ಕೆ ತುಂಬಾ ಒಳ್ಳೆಯದು.

ಪಾಲಕ್ ದೇಹದಲ್ಲಿ ವಿಟಮಿನ್ ಬಿ −12 ಉತ್ಪಾದನೆಯನ್ನು ಹೆಚ್ಚಿಸುತ್ತದೆ. ಜೊತೆಗೆ ಪಾಲಕ್ ಸೊಪ್ಪು ರಕ್ತವನ್ನು ಹೆಚ್ಚಿಸಲು ಸಹಾಯ ಮಾಡುತ್ತದೆ. ಚಳಿಗಾಲದಲ್ಲಿ ನೀವು ಪಾಲಕ್ ಸೂಪ್ ಅಥವಾ ಬೇರೆ ಬೇರೆ ರೀತಿಯ, ನಿಮಗಿಷ್ಟವಾಗುವ ಆಹಾರಗಳಲ್ಲಿ ಸೇರಿಸಿಕೊಳ್ಳಬಹುದು.

ಕುಂಬಳಕಾಯಿ:

ಇದರಲ್ಲಿ ವಿಟಮಿನ್ ಬಿ 12 ನಲ್ಲಿ ಹೇರಳವಾಗಿ ಕಂಡುಬರುತ್ತದೆ, ಇದು ಫೈಬರ್ ಮತ್ತು ಪೊಟ್ಯಾಸಿಯಮ್ ನಿಂದ ಸಮೃದ್ಧವಾಗಿದೆ. ಈ ವಿಟಮಿನ್ ಕೊರತೆಯನ್ನು ನೀಗಿಸಲು ನೀವು ಇದನ್ನು ನಿಯಮಿತವಾಗಿ ಆಹಾರದಲ್ಲಿ ಸೇರಿಸಬಹುದು. ಜೊತೆಗೆ ಇದರಿಂದ ವಿಶೇಷ ರೀತಿಯ ಅಡುಗೆಗಳನ್ನು ಮಾಡಬಹುದು. ಇದೆಲ್ಲದರೊಂದಿಗೆ ಅನೇಕ ರೀತಿಯ ಆಹಾರಗಳಲ್ಲಿ ವಿಟಮಿನ್ ಬಿ 12 ಅಂಶವಿದ್ದು, ಹಾಲು, ಮೊಸರು ಮತ್ತು ಚೀಸ್ ನಲ್ಲಿ ಇವು ಹೆಚ್ಚಿನ ಪ್ರಮಾಣದಲ್ಲಿ ಕಂಡು ಬರುತ್ತದೆ.
